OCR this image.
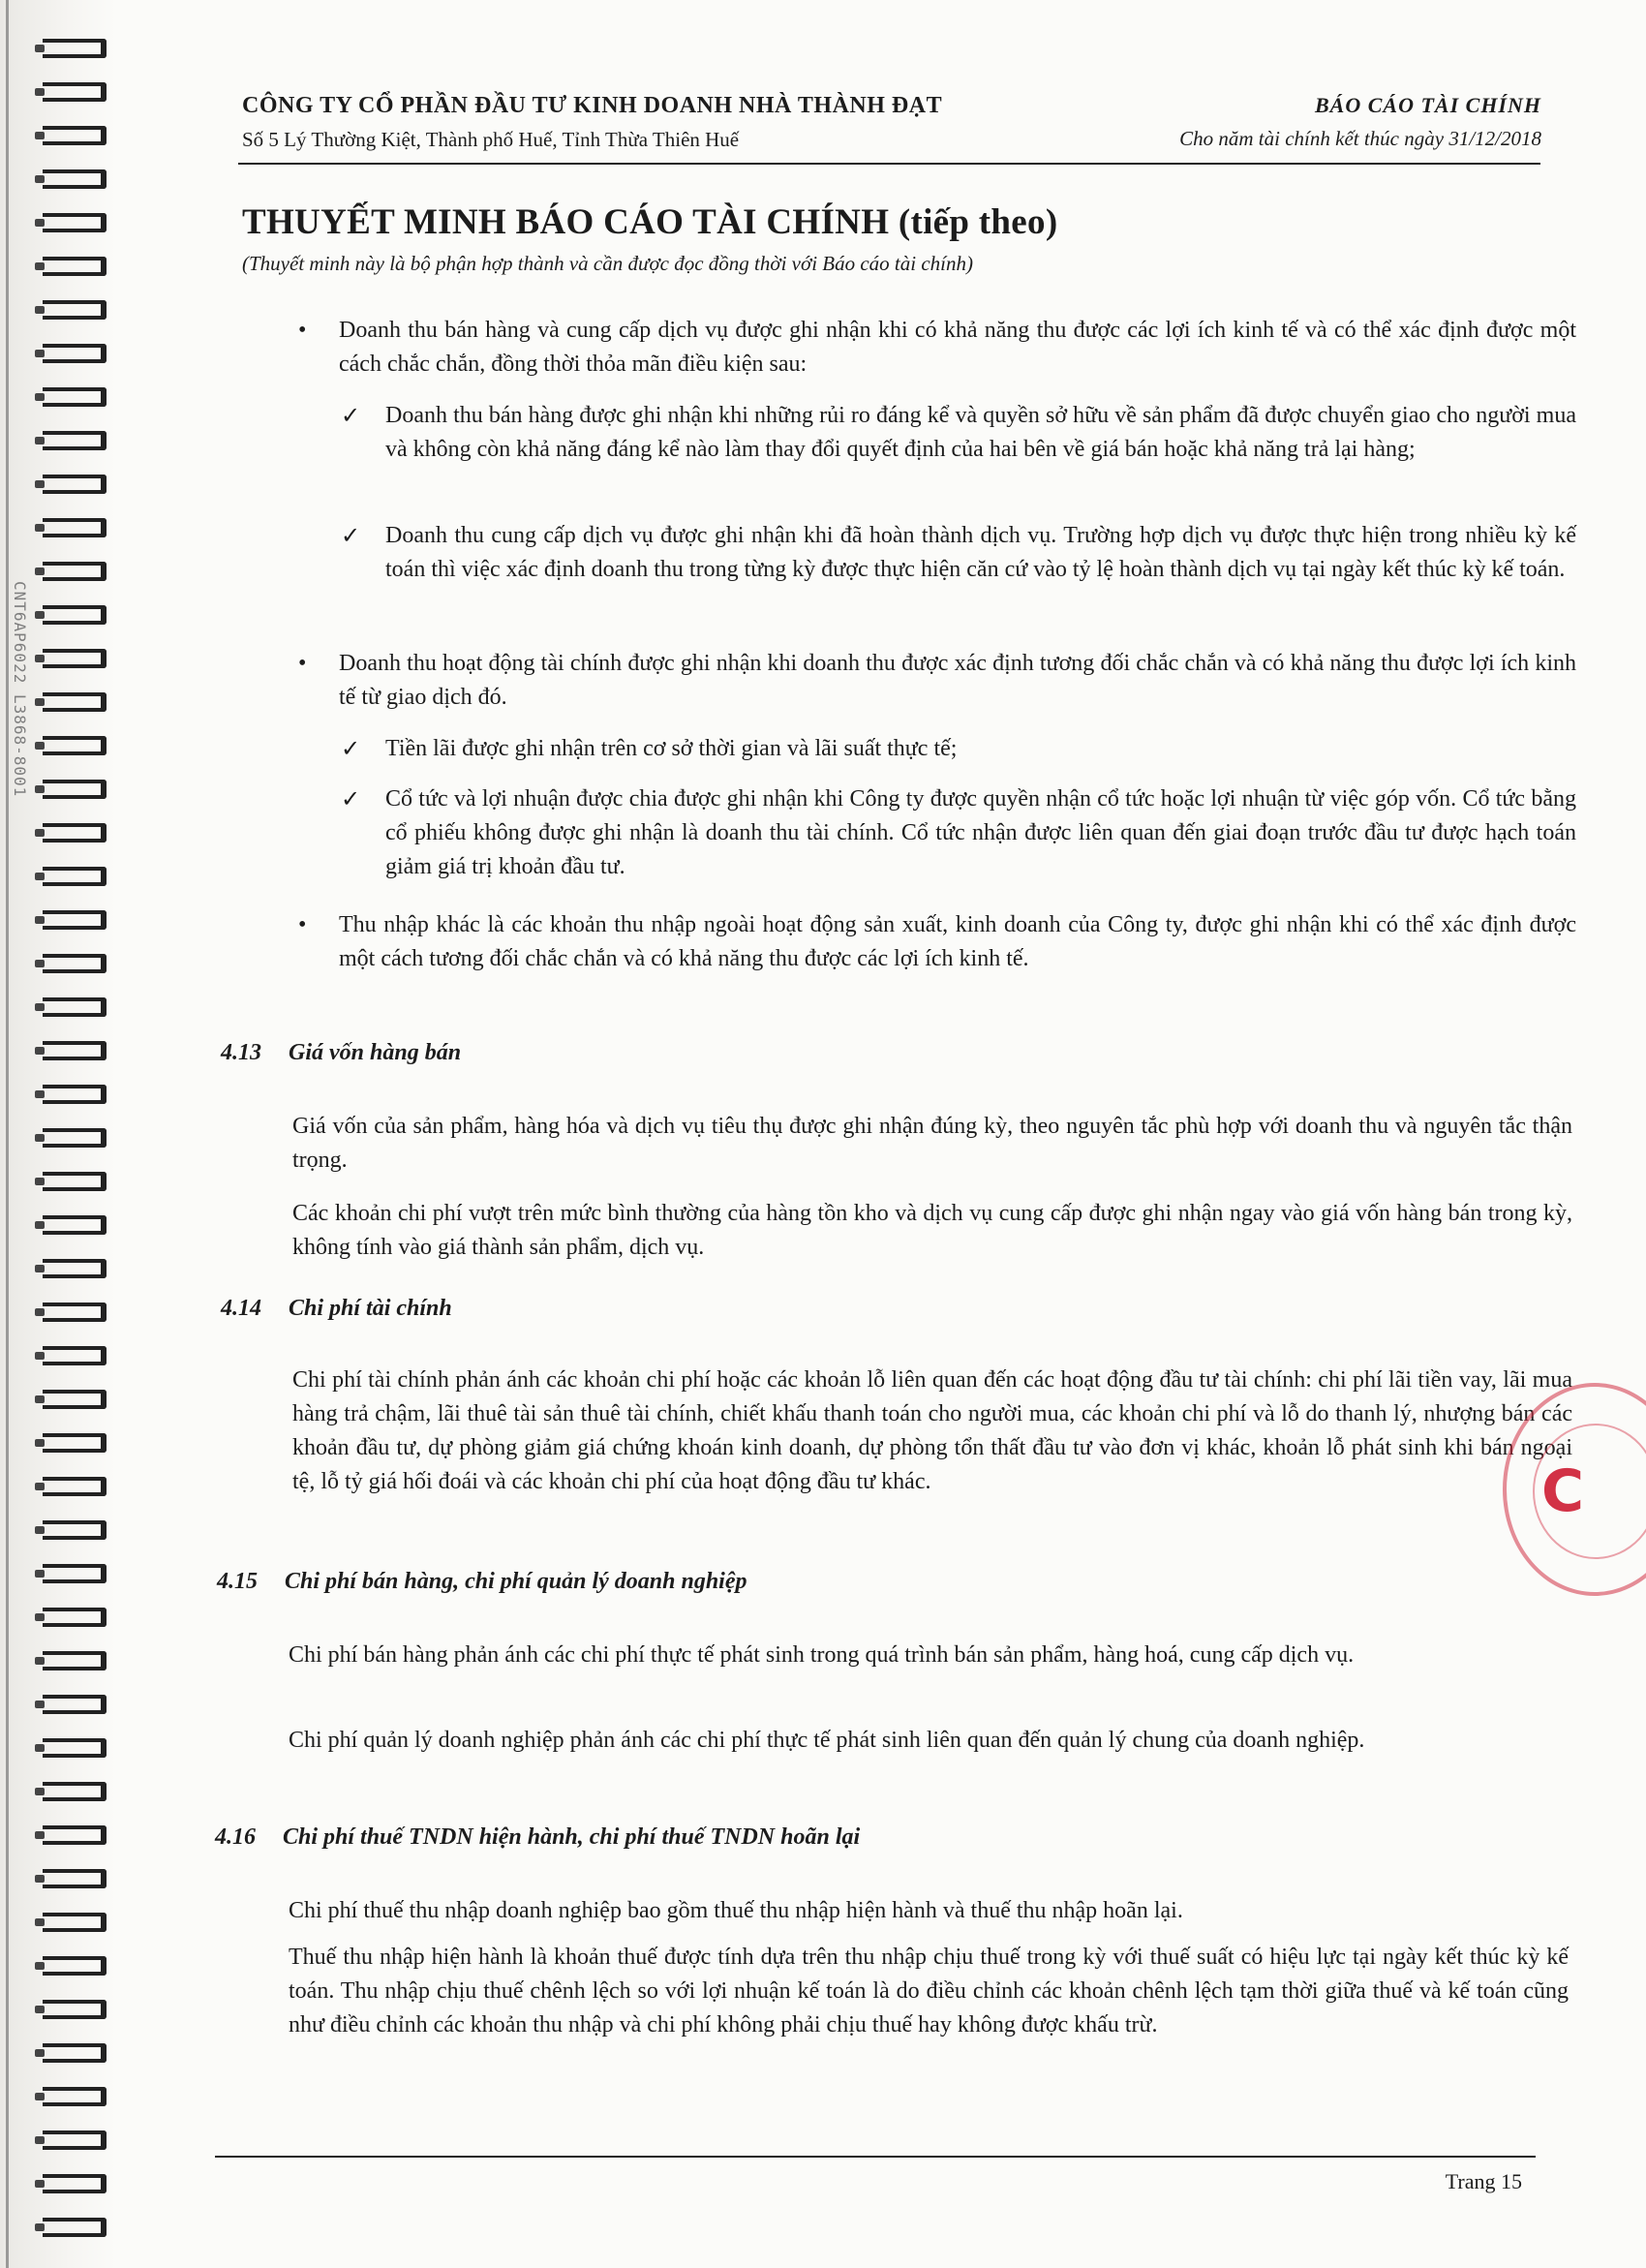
CNT6AP6022 L3868-8001
CÔNG TY CỔ PHẦN ĐẦU TƯ KINH DOANH NHÀ THÀNH ĐẠT
Số 5 Lý Thường Kiệt, Thành phố Huế, Tỉnh Thừa Thiên Huế
BÁO CÁO TÀI CHÍNH
Cho năm tài chính kết thúc ngày 31/12/2018
THUYẾT MINH BÁO CÁO TÀI CHÍNH (tiếp theo)
(Thuyết minh này là bộ phận hợp thành và cần được đọc đồng thời với Báo cáo tài chính)
• Doanh thu bán hàng và cung cấp dịch vụ được ghi nhận khi có khả năng thu được các lợi ích kinh tế và có thể xác định được một cách chắc chắn, đồng thời thỏa mãn điều kiện sau:
✓ Doanh thu bán hàng được ghi nhận khi những rủi ro đáng kể và quyền sở hữu về sản phẩm đã được chuyển giao cho người mua và không còn khả năng đáng kể nào làm thay đổi quyết định của hai bên về giá bán hoặc khả năng trả lại hàng;
✓ Doanh thu cung cấp dịch vụ được ghi nhận khi đã hoàn thành dịch vụ. Trường hợp dịch vụ được thực hiện trong nhiều kỳ kế toán thì việc xác định doanh thu trong từng kỳ được thực hiện căn cứ vào tỷ lệ hoàn thành dịch vụ tại ngày kết thúc kỳ kế toán.
• Doanh thu hoạt động tài chính được ghi nhận khi doanh thu được xác định tương đối chắc chắn và có khả năng thu được lợi ích kinh tế từ giao dịch đó.
✓ Tiền lãi được ghi nhận trên cơ sở thời gian và lãi suất thực tế;
✓ Cổ tức và lợi nhuận được chia được ghi nhận khi Công ty được quyền nhận cổ tức hoặc lợi nhuận từ việc góp vốn. Cổ tức bằng cổ phiếu không được ghi nhận là doanh thu tài chính. Cổ tức nhận được liên quan đến giai đoạn trước đầu tư được hạch toán giảm giá trị khoản đầu tư.
• Thu nhập khác là các khoản thu nhập ngoài hoạt động sản xuất, kinh doanh của Công ty, được ghi nhận khi có thể xác định được một cách tương đối chắc chắn và có khả năng thu được các lợi ích kinh tế.
4.13 Giá vốn hàng bán
Giá vốn của sản phẩm, hàng hóa và dịch vụ tiêu thụ được ghi nhận đúng kỳ, theo nguyên tắc phù hợp với doanh thu và nguyên tắc thận trọng.
Các khoản chi phí vượt trên mức bình thường của hàng tồn kho và dịch vụ cung cấp được ghi nhận ngay vào giá vốn hàng bán trong kỳ, không tính vào giá thành sản phẩm, dịch vụ.
4.14 Chi phí tài chính
Chi phí tài chính phản ánh các khoản chi phí hoặc các khoản lỗ liên quan đến các hoạt động đầu tư tài chính: chi phí lãi tiền vay, lãi mua hàng trả chậm, lãi thuê tài sản thuê tài chính, chiết khấu thanh toán cho người mua, các khoản chi phí và lỗ do thanh lý, nhượng bán các khoản đầu tư, dự phòng giảm giá chứng khoán kinh doanh, dự phòng tổn thất đầu tư vào đơn vị khác, khoản lỗ phát sinh khi bán ngoại tệ, lỗ tỷ giá hối đoái và các khoản chi phí của hoạt động đầu tư khác.
4.15 Chi phí bán hàng, chi phí quản lý doanh nghiệp
Chi phí bán hàng phản ánh các chi phí thực tế phát sinh trong quá trình bán sản phẩm, hàng hoá, cung cấp dịch vụ.
Chi phí quản lý doanh nghiệp phản ánh các chi phí thực tế phát sinh liên quan đến quản lý chung của doanh nghiệp.
4.16 Chi phí thuế TNDN hiện hành, chi phí thuế TNDN hoãn lại
Chi phí thuế thu nhập doanh nghiệp bao gồm thuế thu nhập hiện hành và thuế thu nhập hoãn lại.
Thuế thu nhập hiện hành là khoản thuế được tính dựa trên thu nhập chịu thuế trong kỳ với thuế suất có hiệu lực tại ngày kết thúc kỳ kế toán. Thu nhập chịu thuế chênh lệch so với lợi nhuận kế toán là do điều chỉnh các khoản chênh lệch tạm thời giữa thuế và kế toán cũng như điều chỉnh các khoản thu nhập và chi phí không phải chịu thuế hay không được khấu trừ.
C
Trang 15
